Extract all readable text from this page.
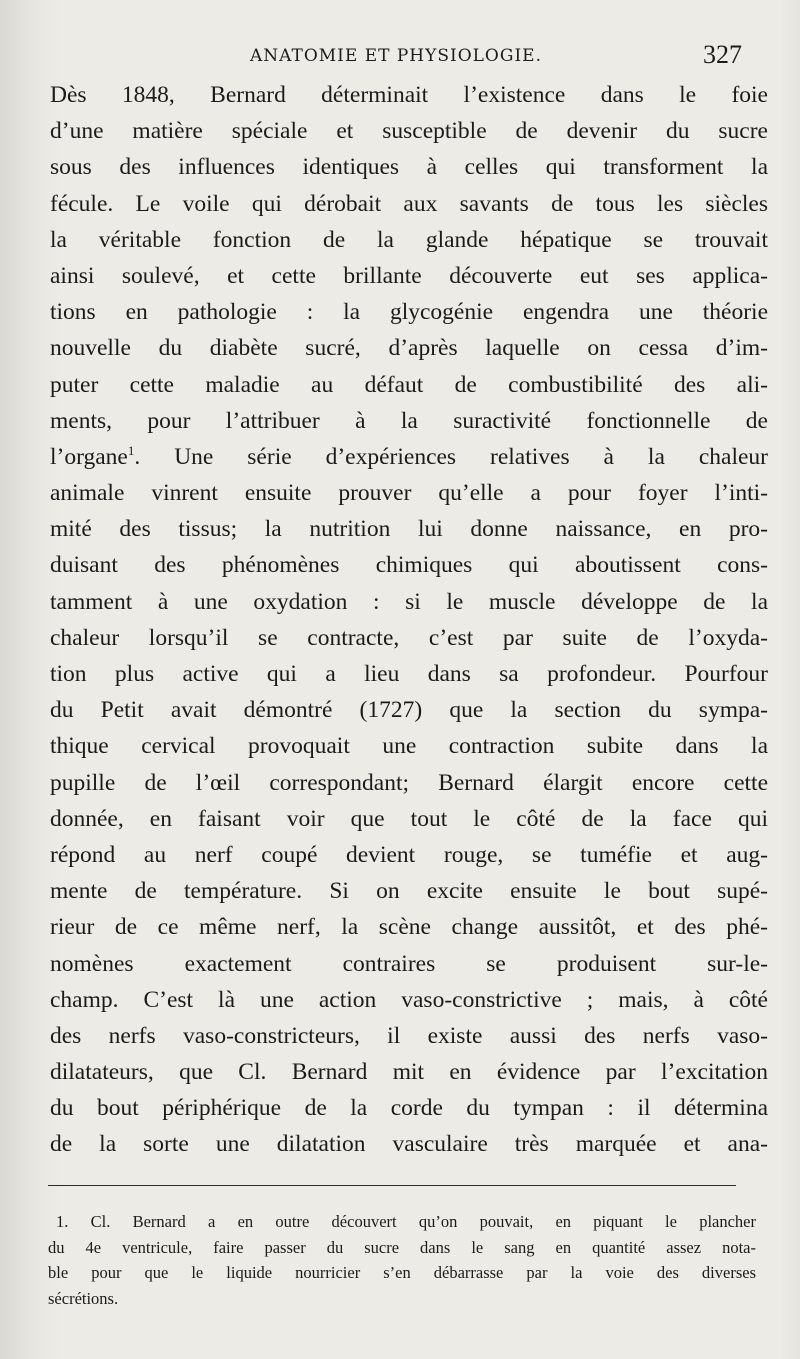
ANATOMIE ET PHYSIOLOGIE.	327
Dès 1848, Bernard déterminait l’existence dans le foie
d’une matière spéciale et susceptible de devenir du sucre
sous des influences identiques à celles qui transforment la
fécule. Le voile qui dérobait aux savants de tous les siècles
la véritable fonction de la glande hépatique se trouvait
ainsi soulevé, et cette brillante découverte eut ses applica-
tions en pathologie : la glycogénie engendra une théorie
nouvelle du diabète sucré, d’après laquelle on cessa d’im-
puter cette maladie au défaut de combustibilité des ali-
ments, pour l’attribuer à la suractivité fonctionnelle de
l’organe$^1$. Une série d’expériences relatives à la chaleur
animale vinrent ensuite prouver qu’elle a pour foyer l’inti-
mité des tissus; la nutrition lui donne naissance, en pro-
duisant des phénomènes chimiques qui aboutissent cons-
tamment à une oxydation : si le muscle développe de la
chaleur lorsqu’il se contracte, c’est par suite de l’oxyda-
tion plus active qui a lieu dans sa profondeur. Pourfour
du Petit avait démontré (1727) que la section du sympa-
thique cervical provoquait une contraction subite dans la
pupille de l’œil correspondant; Bernard élargit encore cette
donnée, en faisant voir que tout le côté de la face qui
répond au nerf coupé devient rouge, se tuméfie et aug-
mente de température. Si on excite ensuite le bout supé-
rieur de ce même nerf, la scène change aussitôt, et des phé-
nomènes exactement contraires se produisent sur-le-
champ. C’est là une action vaso-constrictive ; mais, à côté
des nerfs vaso-constricteurs, il existe aussi des nerfs vaso-
dilatateurs, que Cl. Bernard mit en évidence par l’excitation
du bout périphérique de la corde du tympan : il détermina
de la sorte une dilatation vasculaire très marquée et ana-
1. Cl. Bernard a en outre découvert qu’on pouvait, en piquant le plancher
du 4e ventricule, faire passer du sucre dans le sang en quantité assez nota-
ble pour que le liquide nourricier s’en débarrasse par la voie des diverses
sécrétions.
